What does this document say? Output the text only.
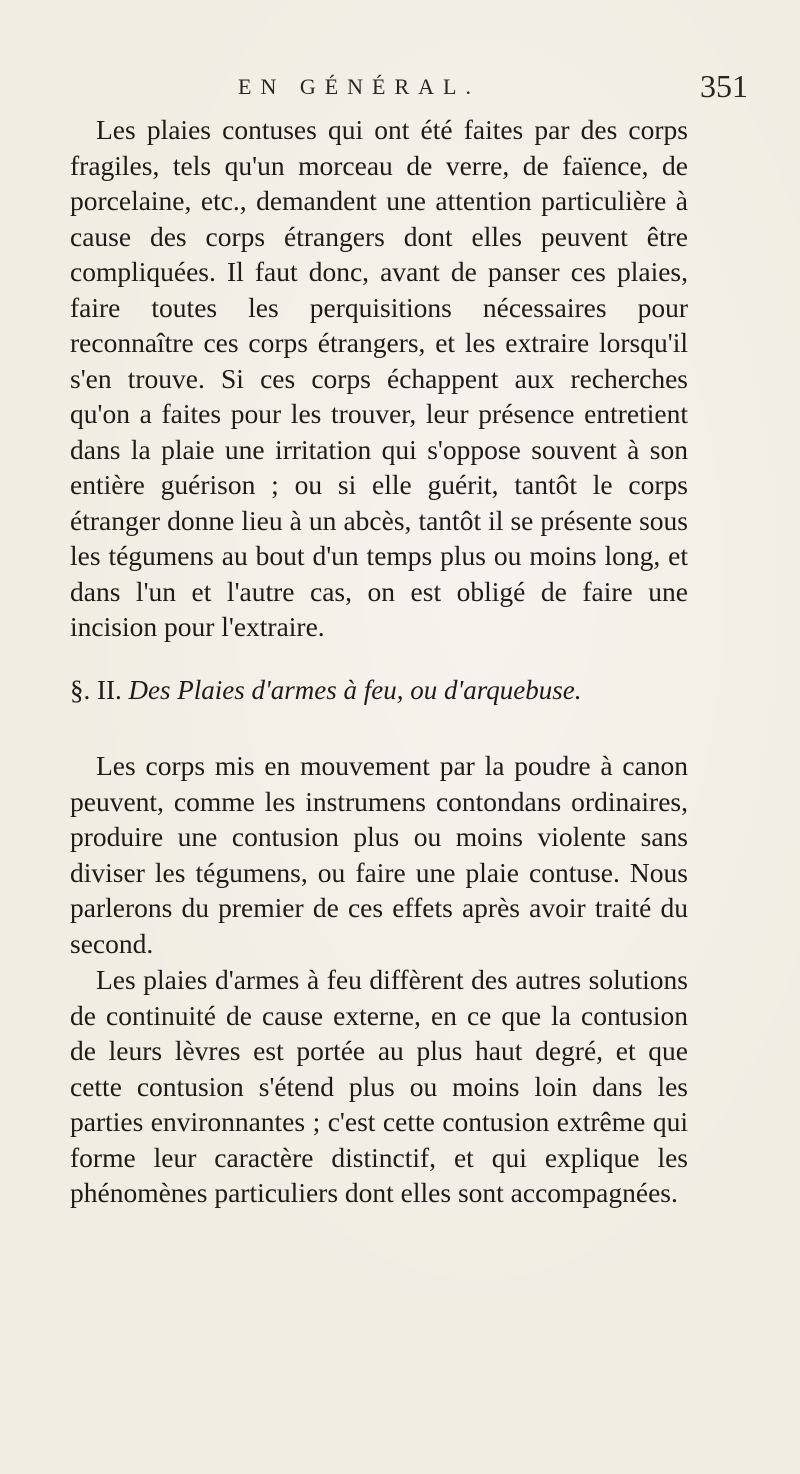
EN GÉNÉRAL.	351

Les plaies contuses qui ont été faites par des corps fragiles, tels qu'un morceau de verre, de faïence, de porcelaine, etc., demandent une attention particulière à cause des corps étrangers dont elles peuvent être compliquées. Il faut donc, avant de panser ces plaies, faire toutes les perquisitions nécessaires pour reconnaître ces corps étrangers, et les extraire lorsqu'il s'en trouve. Si ces corps échappent aux recherches qu'on a faites pour les trouver, leur présence entretient dans la plaie une irritation qui s'oppose souvent à son entière guérison ; ou si elle guérit, tantôt le corps étranger donne lieu à un abcès, tantôt il se présente sous les tégumens au bout d'un temps plus ou moins long, et dans l'un et l'autre cas, on est obligé de faire une incision pour l'extraire.

§. II. Des Plaies d'armes à feu, ou d'arquebuse.

Les corps mis en mouvement par la poudre à canon peuvent, comme les instrumens contondans ordinaires, produire une contusion plus ou moins violente sans diviser les tégumens, ou faire une plaie contuse. Nous parlerons du premier de ces effets après avoir traité du second.

Les plaies d'armes à feu diffèrent des autres solutions de continuité de cause externe, en ce que la contusion de leurs lèvres est portée au plus haut degré, et que cette contusion s'étend plus ou moins loin dans les parties environnantes ; c'est cette contusion extrême qui forme leur caractère distinctif, et qui explique les phénomènes particuliers dont elles sont accompagnées.
